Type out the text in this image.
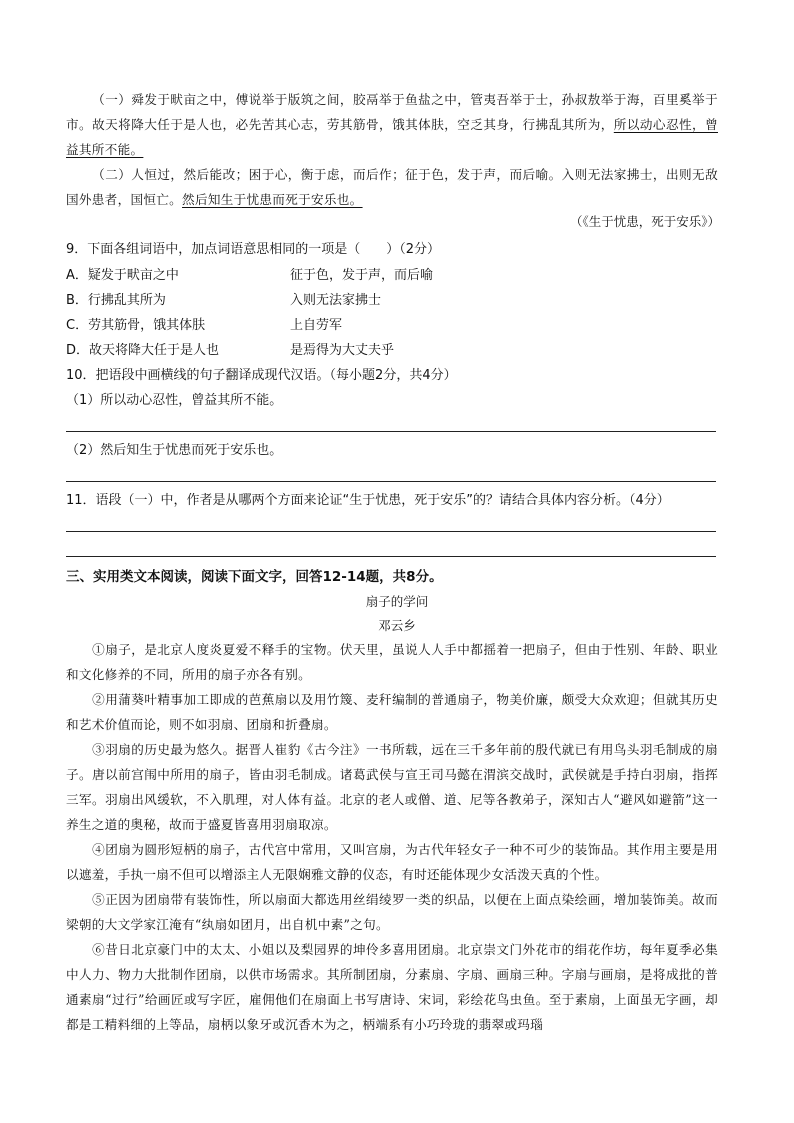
（一）舜发于畎亩之中，傅说举于版筑之间，胶鬲举于鱼盐之中，管夷吾举于士，孙叔敖举于海，百里奚举于市。故天将降大任于是人也，必先苦其心志，劳其筋骨，饿其体肤，空乏其身，行拂乱其所为，所以动心忍性，曾益其所不能。
（二）人恒过，然后能改；困于心，衡于虑，而后作；征于色，发于声，而后喻。入则无法家拂士，出则无敌国外患者，国恒亡。然后知生于忧患而死于安乐也。
（《生于忧患，死于安乐》）
9．下面各组词语中，加点词语意思相同的一项是（　　）（2分）
A．疑发于畎亩之中	征于色，发于声，而后喻
B．行拂乱其所为	入则无法家拂士
C．劳其筋骨，饿其体肤	上自劳军
D．故天将降大任于是人也	是焉得为大丈夫乎
10．把语段中画横线的句子翻译成现代汉语。（每小题2分，共4分）
（1）所以动心忍性，曾益其所不能。
（2）然后知生于忧患而死于安乐也。
11．语段（一）中，作者是从哪两个方面来论证“生于忧患，死于安乐”的？请结合具体内容分析。（4分）
三、实用类文本阅读，阅读下面文字，回答12-14题，共8分。
扇子的学问
邓云乡
①扇子，是北京人度炎夏爱不释手的宝物。伏天里，虽说人人手中都摇着一把扇子，但由于性别、年龄、职业和文化修养的不同，所用的扇子亦各有别。
②用蒲葵叶精事加工即成的芭蕉扇以及用竹篾、麦秆编制的普通扇子，物美价廉，颇受大众欢迎；但就其历史和艺术价值而论，则不如羽扇、团扇和折叠扇。
③羽扇的历史最为悠久。据晋人崔豹《古今注》一书所载，远在三千多年前的殷代就已有用鸟头羽毛制成的扇子。唐以前宫闱中所用的扇子，皆由羽毛制成。诸葛武侯与宣王司马懿在渭滨交战时，武侯就是手持白羽扇，指挥三军。羽扇出风缓软，不入肌理，对人体有益。北京的老人或僧、道、尼等各教弟子，深知古人“避风如避箭”这一养生之道的奥秘，故而于盛夏皆喜用羽扇取凉。
④团扇为圆形短柄的扇子，古代宫中常用，又叫宫扇，为古代年轻女子一种不可少的装饰品。其作用主要是用以遮羞，手执一扇不但可以增添主人无限娴雅文静的仪态，有时还能体现少女活泼天真的个性。
⑤正因为团扇带有装饰性，所以扇面大都选用丝绢绫罗一类的织品，以便在上面点染绘画，增加装饰美。故而梁朝的大文学家江淹有“纨扇如团月，出自机中素”之句。
⑥昔日北京豪门中的太太、小姐以及梨园界的坤伶多喜用团扇。北京崇文门外花市的绢花作坊，每年夏季必集中人力、物力大批制作团扇，以供市场需求。其所制团扇，分素扇、字扇、画扇三种。字扇与画扇，是将成批的普通素扇“过行”给画匠或写字匠，雇佣他们在扇面上书写唐诗、宋词，彩绘花鸟虫鱼。至于素扇，上面虽无字画，却都是工精料细的上等品，扇柄以象牙或沉香木为之，柄端系有小巧玲珑的翡翠或玛瑙
